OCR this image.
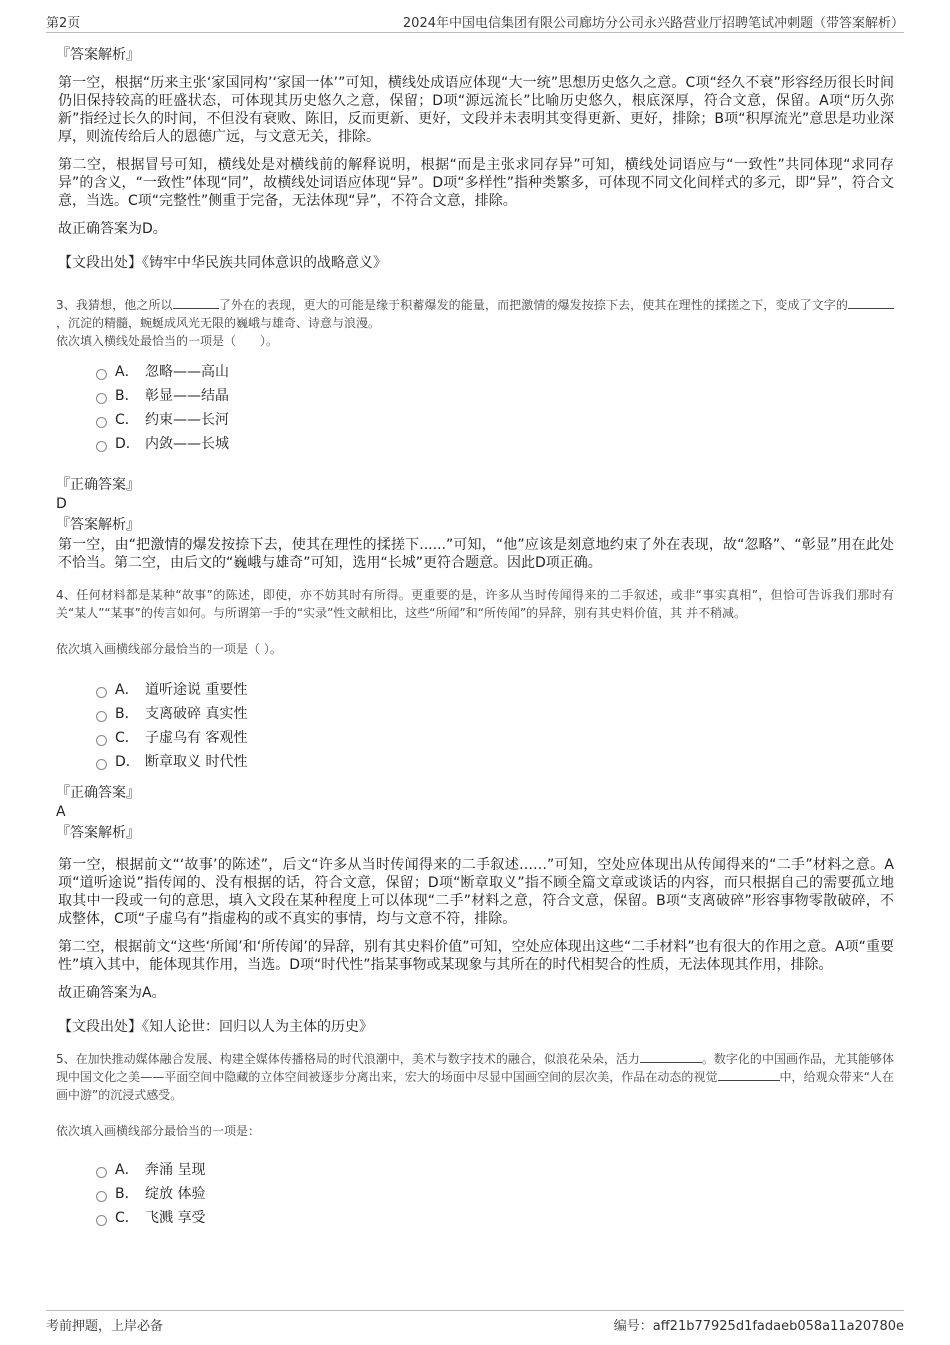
第2页	2024年中国电信集团有限公司廊坊分公司永兴路营业厅招聘笔试冲刺题（带答案解析）
『答案解析』
第一空，根据“历来主张‘家国同构’‘家国一体’”可知，横线处成语应体现“大一统”思想历史悠久之意。C项“经久不衰”形容经历很长时间仍旧保持较高的旺盛状态，可体现其历史悠久之意，保留；D项“源远流长”比喻历史悠久，根底深厚，符合文意，保留。A项“历久弥新”指经过长久的时间，不但没有衰败、陈旧，反而更新、更好，文段并未表明其变得更新、更好，排除；B项“积厚流光”意思是功业深厚，则流传给后人的恩德广远，与文意无关，排除。
第二空，根据冒号可知，横线处是对横线前的解释说明，根据“而是主张求同存异”可知，横线处词语应与“一致性”共同体现“求同存异”的含义，“一致性”体现“同”，故横线处词语应体现“异”。D项“多样性”指种类繁多，可体现不同文化间样式的多元，即“异”，符合文意，当选。C项“完整性”侧重于完备，无法体现“异”，不符合文意，排除。
故正确答案为D。
【文段出处】《铸牢中华民族共同体意识的战略意义》
3、我猜想，他之所以	了外在的表现，更大的可能是缘于积蓄爆发的能量，而把激情的爆发按捺下去，使其在理性的揉搓之下，变成了文字的，沉淀的精髓，蜿蜒成风光无限的巍峨与雄奇、诗意与浪漫。
依次填入横线处最恰当的一项是（　　）。
A． 忽略——高山
B． 彰显——结晶
C． 约束——长河
D． 内敛——长城
『正确答案』
D
『答案解析』
第一空，由“把激情的爆发按捺下去，使其在理性的揉搓下......”可知，“他”应该是刻意地约束了外在表现，故“忽略”、“彰显”用在此处不恰当。第二空，由后文的“巍峨与雄奇”可知，选用“长城”更符合题意。因此D项正确。
4、任何材料都是某种“故事”的陈述，即使，亦不妨其时有所得。更重要的是，许多从当时传闻得来的二手叙述，或非“事实真相”，但恰可告诉我们那时有关“某人”“某事”的传言如何。与所谓第一手的“实录”性文献相比，这些“所闻”和“所传闻”的异辞，别有其史料价值，其 并不稍减。
依次填入画横线部分最恰当的一项是（ ）。
A． 道听途说 重要性
B． 支离破碎 真实性
C． 子虚乌有 客观性
D． 断章取义 时代性
『正确答案』
A
『答案解析』
第一空，根据前文“‘故事’的陈述”，后文“许多从当时传闻得来的二手叙述……”可知，空处应体现出从传闻得来的“二手”材料之意。A项“道听途说”指传闻的、没有根据的话，符合文意，保留；D项“断章取义”指不顾全篇文章或谈话的内容，而只根据自己的需要孤立地取其中一段或一句的意思，填入文段在某种程度上可以体现“二手”材料之意，符合文意，保留。B项“支离破碎”形容事物零散破碎，不成整体，C项“子虚乌有”指虚构的或不真实的事情，均与文意不符，排除。
第二空，根据前文“这些‘所闻’和‘所传闻’的异辞，别有其史料价值”可知，空处应体现出这些“二手材料”也有很大的作用之意。A项“重要性”填入其中，能体现其作用，当选。D项“时代性”指某事物或某现象与其所在的时代相契合的性质，无法体现其作用，排除。
故正确答案为A。
【文段出处】《知人论世：回归以人为主体的历史》
5、在加快推动媒体融合发展、构建全媒体传播格局的时代浪潮中，美术与数字技术的融合，似浪花朵朵，活力	。数字化的中国画作品，尤其能够体现中国文化之美——平面空间中隐藏的立体空间被逐步分离出来，宏大的场面中尽显中国画空间的层次美，作品在动态的视觉	中，给观众带来“人在画中游”的沉浸式感受。
依次填入画横线部分最恰当的一项是：
A． 奔涌 呈现
B． 绽放 体验
C． 飞溅 享受
考前押题，上岸必备	编号：aff21b77925d1fadaeb058a11a20780e
